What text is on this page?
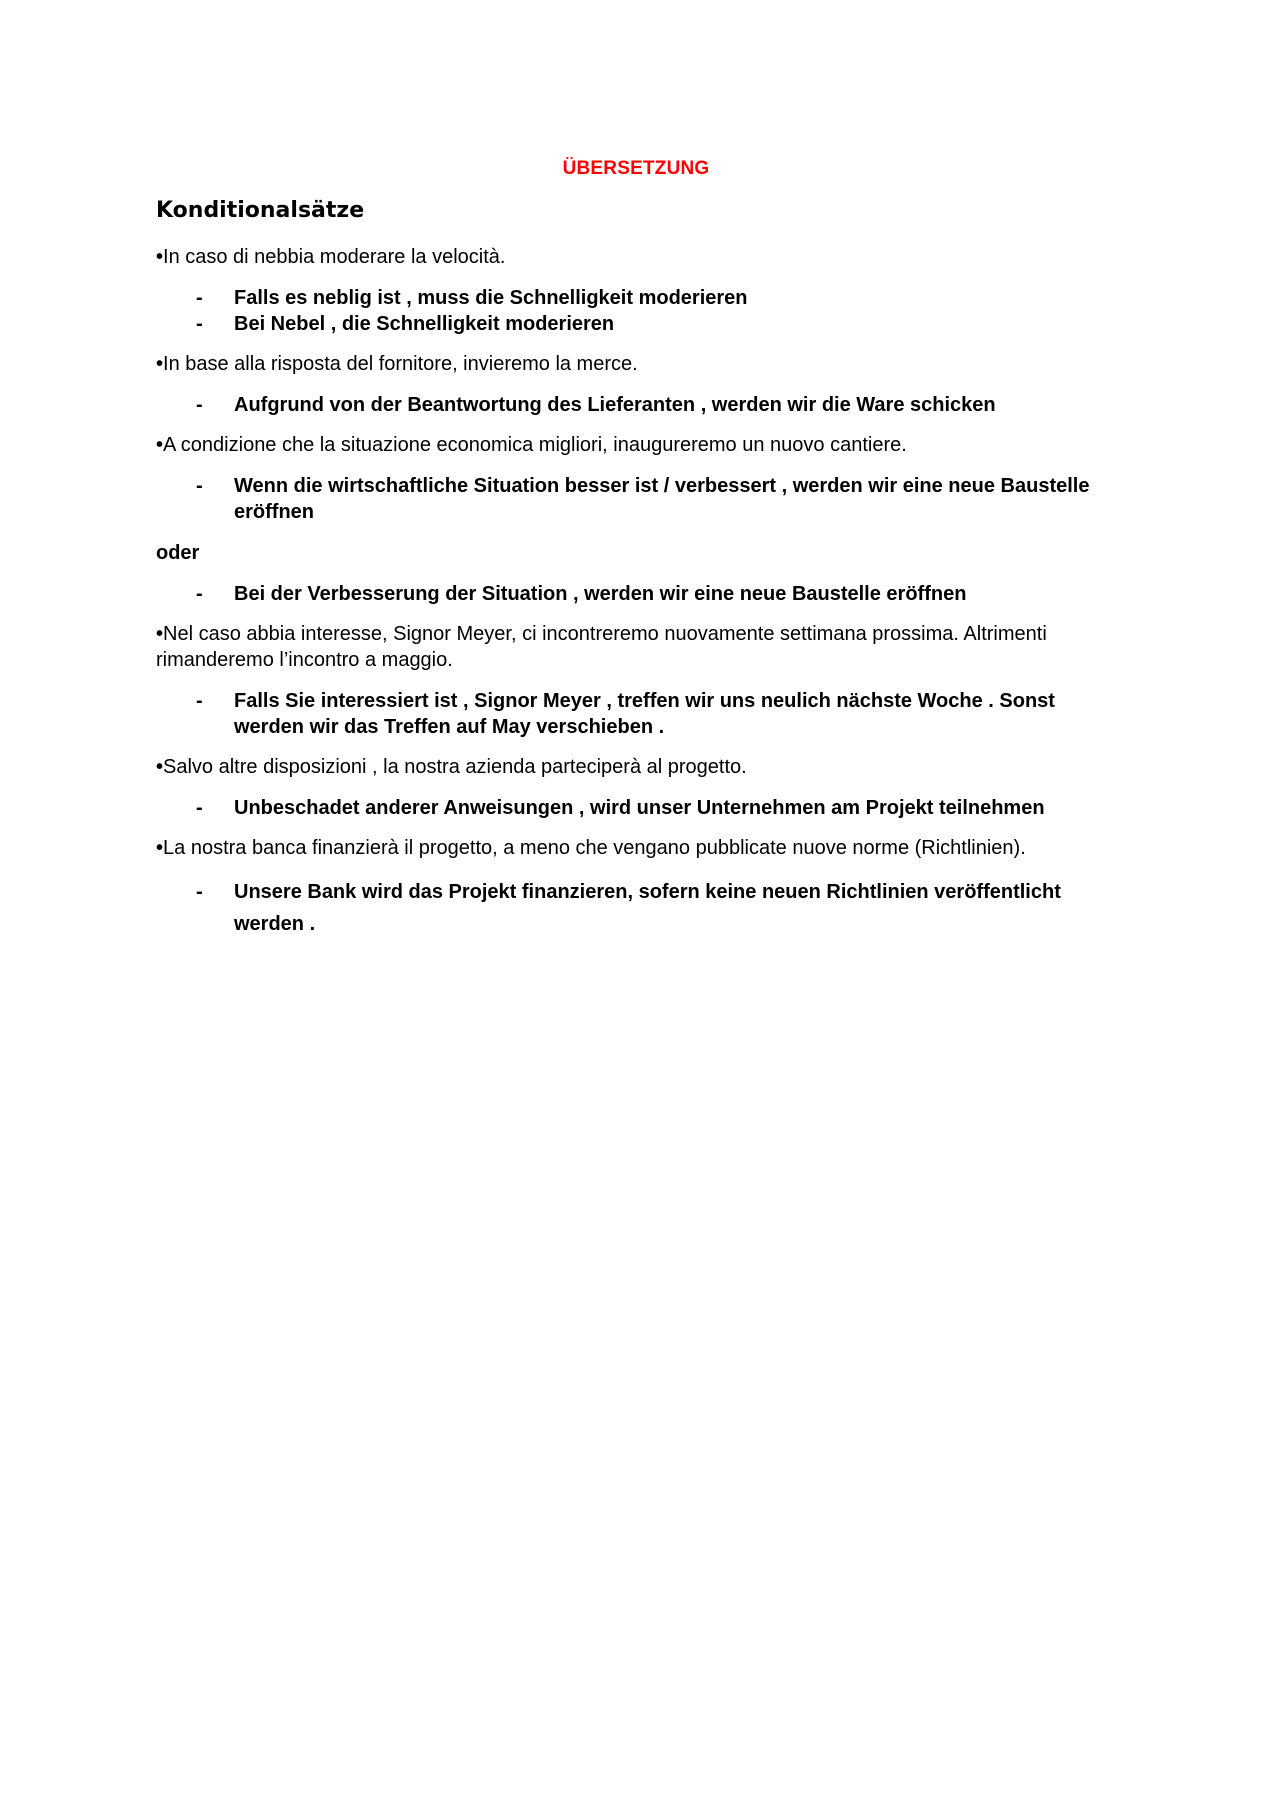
ÜBERSETZUNG
Konditionalsätze
•In caso di nebbia moderare la velocità.
- Falls es neblig ist , muss die Schnelligkeit moderieren
- Bei Nebel , die Schnelligkeit moderieren
•In base alla risposta del fornitore, invieremo la merce.
- Aufgrund von der Beantwortung des Lieferanten , werden wir die Ware schicken
•A condizione che la situazione economica migliori, inaugureremo un nuovo cantiere.
- Wenn die wirtschaftliche Situation besser ist / verbessert , werden wir eine neue Baustelle eröffnen
oder
- Bei der Verbesserung der Situation , werden wir eine neue Baustelle eröffnen
•Nel caso abbia interesse, Signor Meyer, ci incontreremo nuovamente settimana prossima. Altrimenti rimanderemo l’incontro a maggio.
- Falls Sie interessiert ist , Signor Meyer , treffen wir uns neulich nächste Woche . Sonst werden wir das Treffen auf May verschieben .
•Salvo altre disposizioni , la nostra azienda parteciperà al progetto.
- Unbeschadet anderer Anweisungen , wird unser Unternehmen am Projekt teilnehmen
•La nostra banca finanzierà il progetto, a meno che vengano pubblicate nuove norme (Richtlinien).
- Unsere Bank wird das Projekt finanzieren, sofern keine neuen Richtlinien veröffentlicht werden .
